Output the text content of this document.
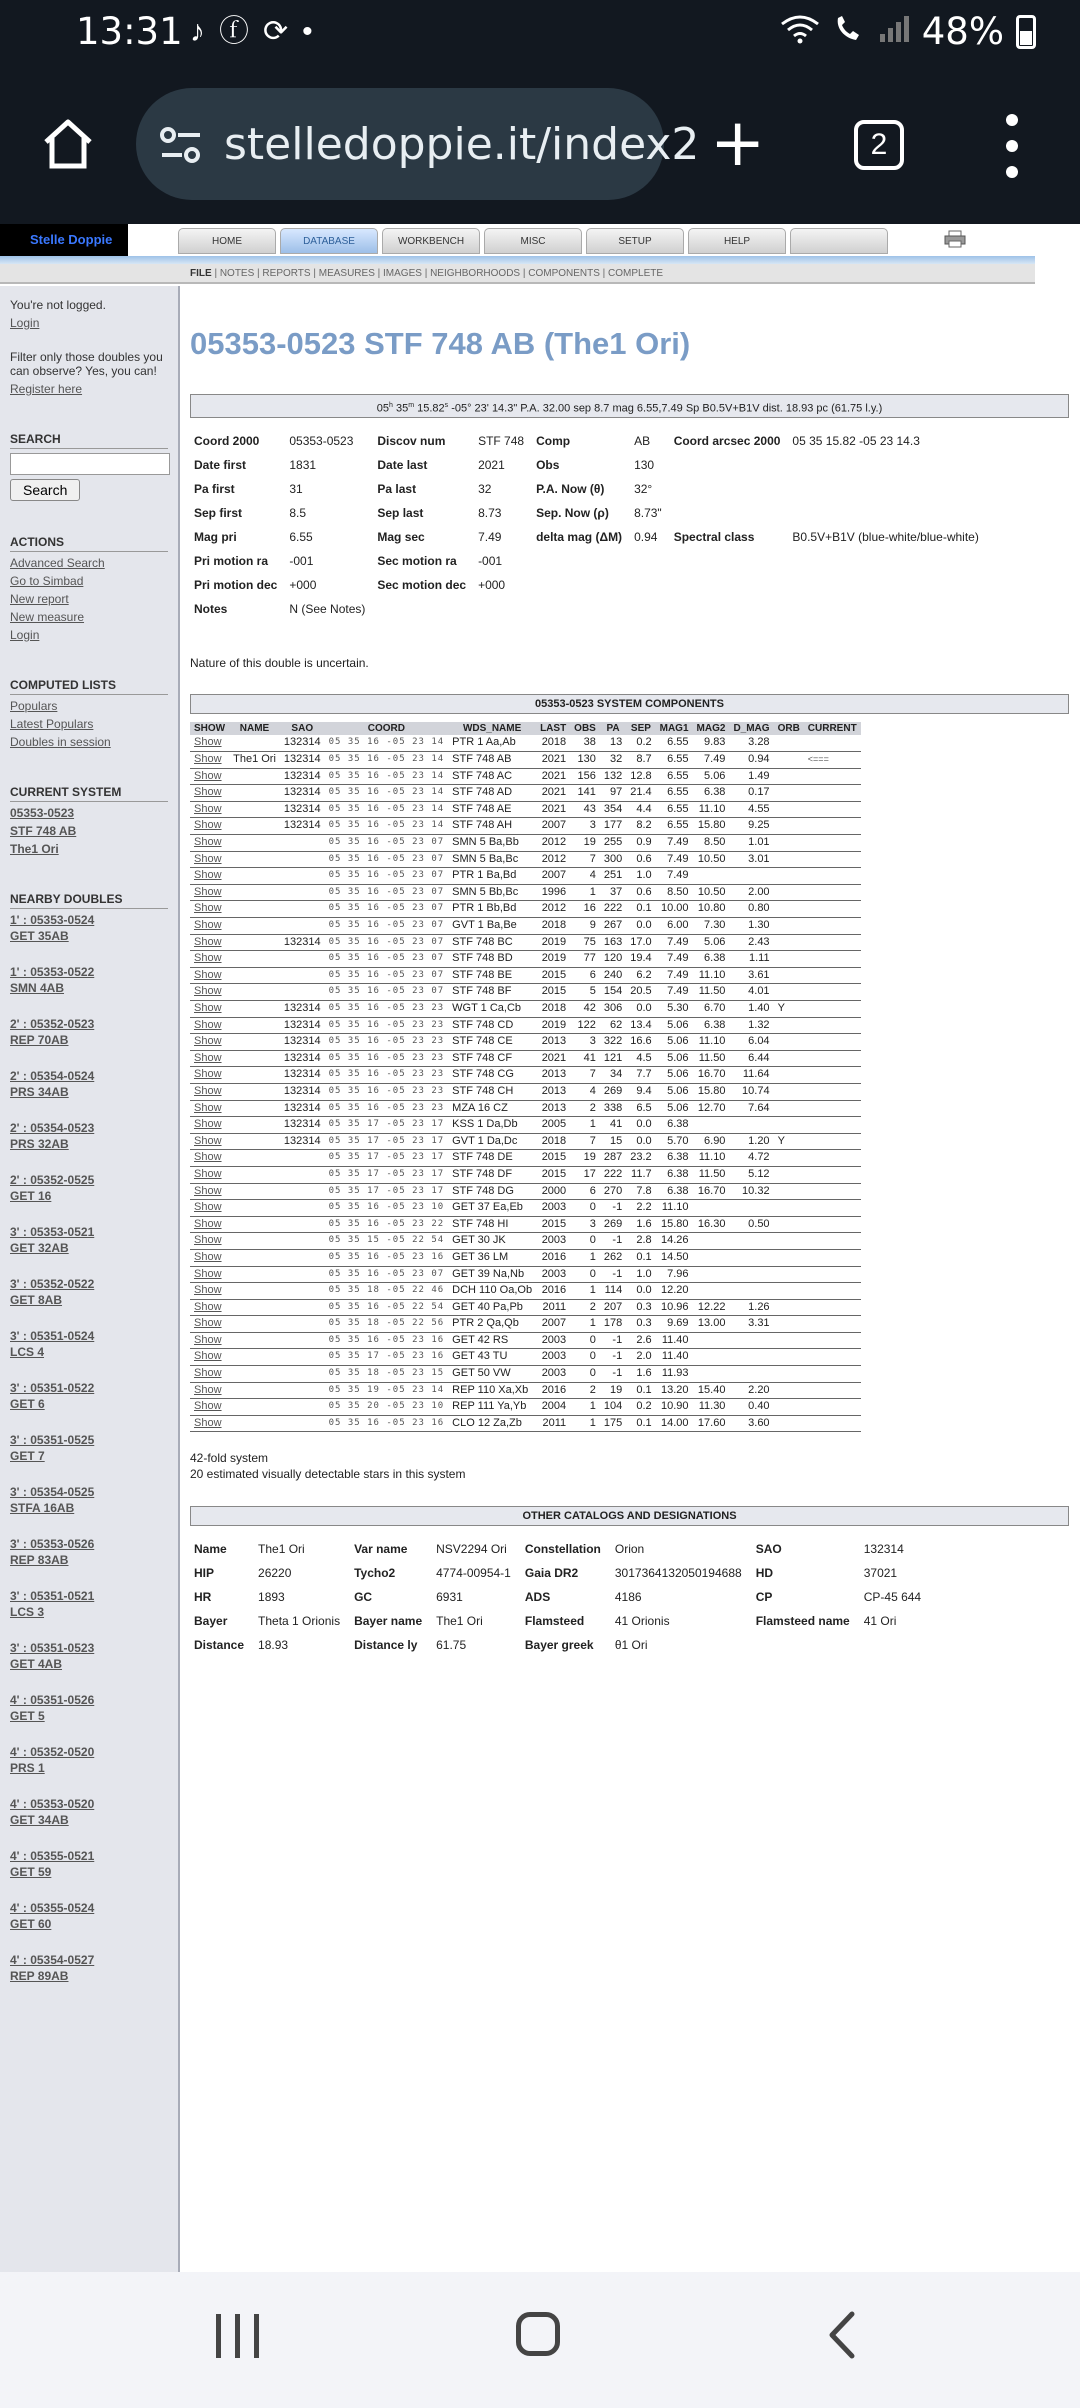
13:31 ♪ ⓕ ⟳ •	48%
stelledoppie.it/index2 +	2
Stelle Doppie	HOME	DATABASE	WORKBENCH	MISC	SETUP	HELP
FILE | NOTES | REPORTS | MEASURES | IMAGES | NEIGHBORHOODS | COMPONENTS | COMPLETE
You're not logged.
Login
Filter only those doubles you can observe? Yes, you can!
Register here
SEARCH
Search
ACTIONS
Advanced Search
Go to Simbad
New report
New measure
Login
COMPUTED LISTS
Populars
Latest Populars
Doubles in session
CURRENT SYSTEM
05353-0523
STF 748 AB
The1 Ori
NEARBY DOUBLES
1' : 05353-0524
GET 35AB
1' : 05353-0522
SMN 4AB
2' : 05352-0523
REP 70AB
2' : 05354-0524
PRS 34AB
2' : 05354-0523
PRS 32AB
2' : 05352-0525
GET 16
3' : 05353-0521
GET 32AB
3' : 05352-0522
GET 8AB
3' : 05351-0524
LCS 4
3' : 05351-0522
GET 6
3' : 05351-0525
GET 7
3' : 05354-0525
STFA 16AB
3' : 05353-0526
REP 83AB
3' : 05351-0521
LCS 3
3' : 05351-0523
GET 4AB
4' : 05351-0526
GET 5
4' : 05352-0520
PRS 1
4' : 05353-0520
GET 34AB
4' : 05355-0521
GET 59
4' : 05355-0524
GET 60
4' : 05354-0527
REP 89AB
05353-0523 STF 748 AB (The1 Ori)
05$^h$ 35$^m$ 15.82$^s$ -05° 23' 14.3" P.A. 32.00 sep 8.7 mag 6.55,7.49 Sp B0.5V+B1V dist. 18.93 pc (61.75 l.y.)
Coord 2000	05353-0523	Discov num	STF 748	Comp	AB	Coord arcsec 2000	05 35 15.82 -05 23 14.3
Date first	1831	Date last	2021	Obs	130		
Pa first	31	Pa last	32	P.A. Now (θ)	32°		
Sep first	8.5	Sep last	8.73	Sep. Now (ρ)	8.73"		
Mag pri	6.55	Mag sec	7.49	delta mag (ΔM)	0.94	Spectral class	B0.5V+B1V (blue-white/blue-white)
Pri motion ra	-001	Sec motion ra	-001				
Pri motion dec	+000	Sec motion dec	+000				
Notes	N (See Notes)						
Nature of this double is uncertain.
05353-0523 SYSTEM COMPONENTS
SHOW	NAME	SAO	COORD	WDS_NAME	LAST	OBS	PA	SEP	MAG1	MAG2	D_MAG	ORB	CURRENT
Show		132314	05 35 16 -05 23 14	PTR 1 Aa,Ab	2018	38	13	0.2	6.55	9.83	3.28		
Show	The1 Ori	132314	05 35 16 -05 23 14	STF 748 AB	2021	130	32	8.7	6.55	7.49	0.94		<===
Show		132314	05 35 16 -05 23 14	STF 748 AC	2021	156	132	12.8	6.55	5.06	1.49		
Show		132314	05 35 16 -05 23 14	STF 748 AD	2021	141	97	21.4	6.55	6.38	0.17		
Show		132314	05 35 16 -05 23 14	STF 748 AE	2021	43	354	4.4	6.55	11.10	4.55		
Show		132314	05 35 16 -05 23 14	STF 748 AH	2007	3	177	8.2	6.55	15.80	9.25		
Show			05 35 16 -05 23 07	SMN 5 Ba,Bb	2012	19	255	0.9	7.49	8.50	1.01		
Show			05 35 16 -05 23 07	SMN 5 Ba,Bc	2012	7	300	0.6	7.49	10.50	3.01		
Show			05 35 16 -05 23 07	PTR 1 Ba,Bd	2007	4	251	1.0	7.49				
Show			05 35 16 -05 23 07	SMN 5 Bb,Bc	1996	1	37	0.6	8.50	10.50	2.00		
Show			05 35 16 -05 23 07	PTR 1 Bb,Bd	2012	16	222	0.1	10.00	10.80	0.80		
Show			05 35 16 -05 23 07	GVT 1 Ba,Be	2018	9	267	0.0	6.00	7.30	1.30		
Show		132314	05 35 16 -05 23 07	STF 748 BC	2019	75	163	17.0	7.49	5.06	2.43		
Show			05 35 16 -05 23 07	STF 748 BD	2019	77	120	19.4	7.49	6.38	1.11		
Show			05 35 16 -05 23 07	STF 748 BE	2015	6	240	6.2	7.49	11.10	3.61		
Show			05 35 16 -05 23 07	STF 748 BF	2015	5	154	20.5	7.49	11.50	4.01		
Show		132314	05 35 16 -05 23 23	WGT 1 Ca,Cb	2018	42	306	0.0	5.30	6.70	1.40	Y	
Show		132314	05 35 16 -05 23 23	STF 748 CD	2019	122	62	13.4	5.06	6.38	1.32		
Show		132314	05 35 16 -05 23 23	STF 748 CE	2013	3	322	16.6	5.06	11.10	6.04		
Show		132314	05 35 16 -05 23 23	STF 748 CF	2021	41	121	4.5	5.06	11.50	6.44		
Show		132314	05 35 16 -05 23 23	STF 748 CG	2013	7	34	7.7	5.06	16.70	11.64		
Show		132314	05 35 16 -05 23 23	STF 748 CH	2013	4	269	9.4	5.06	15.80	10.74		
Show		132314	05 35 16 -05 23 23	MZA 16 CZ	2013	2	338	6.5	5.06	12.70	7.64		
Show		132314	05 35 17 -05 23 17	KSS 1 Da,Db	2005	1	41	0.0	6.38				
Show		132314	05 35 17 -05 23 17	GVT 1 Da,Dc	2018	7	15	0.0	5.70	6.90	1.20	Y	
Show			05 35 17 -05 23 17	STF 748 DE	2015	19	287	23.2	6.38	11.10	4.72		
Show			05 35 17 -05 23 17	STF 748 DF	2015	17	222	11.7	6.38	11.50	5.12		
Show			05 35 17 -05 23 17	STF 748 DG	2000	6	270	7.8	6.38	16.70	10.32		
Show			05 35 16 -05 23 10	GET 37 Ea,Eb	2003	0	-1	2.2	11.10				
Show			05 35 16 -05 23 22	STF 748 HI	2015	3	269	1.6	15.80	16.30	0.50		
Show			05 35 15 -05 22 54	GET 30 JK	2003	0	-1	2.8	14.26				
Show			05 35 16 -05 23 16	GET 36 LM	2016	1	262	0.1	14.50				
Show			05 35 16 -05 23 07	GET 39 Na,Nb	2003	0	-1	1.0	7.96				
Show			05 35 18 -05 22 46	DCH 110 Oa,Ob	2016	1	114	0.0	12.20				
Show			05 35 16 -05 22 54	GET 40 Pa,Pb	2011	2	207	0.3	10.96	12.22	1.26		
Show			05 35 18 -05 22 56	PTR 2 Qa,Qb	2007	1	178	0.3	9.69	13.00	3.31		
Show			05 35 16 -05 23 16	GET 42 RS	2003	0	-1	2.6	11.40				
Show			05 35 17 -05 23 16	GET 43 TU	2003	0	-1	2.0	11.40				
Show			05 35 18 -05 23 15	GET 50 VW	2003	0	-1	1.6	11.93				
Show			05 35 19 -05 23 14	REP 110 Xa,Xb	2016	2	19	0.1	13.20	15.40	2.20		
Show			05 35 20 -05 23 10	REP 111 Ya,Yb	2004	1	104	0.2	10.90	11.30	0.40		
Show			05 35 16 -05 23 16	CLO 12 Za,Zb	2011	1	175	0.1	14.00	17.60	3.60		
42-fold system
20 estimated visually detectable stars in this system
OTHER CATALOGS AND DESIGNATIONS
Name	The1 Ori	Var name	NSV2294 Ori	Constellation	Orion	SAO	132314
HIP	26220	Tycho2	4774-00954-1	Gaia DR2	3017364132050194688	HD	37021
HR	1893	GC	6931	ADS	4186	CP	CP-45 644
Bayer	Theta 1 Orionis	Bayer name	The1 Ori	Flamsteed	41 Orionis	Flamsteed name	41 Ori
Distance	18.93	Distance ly	61.75	Bayer greek	θ1 Ori		
